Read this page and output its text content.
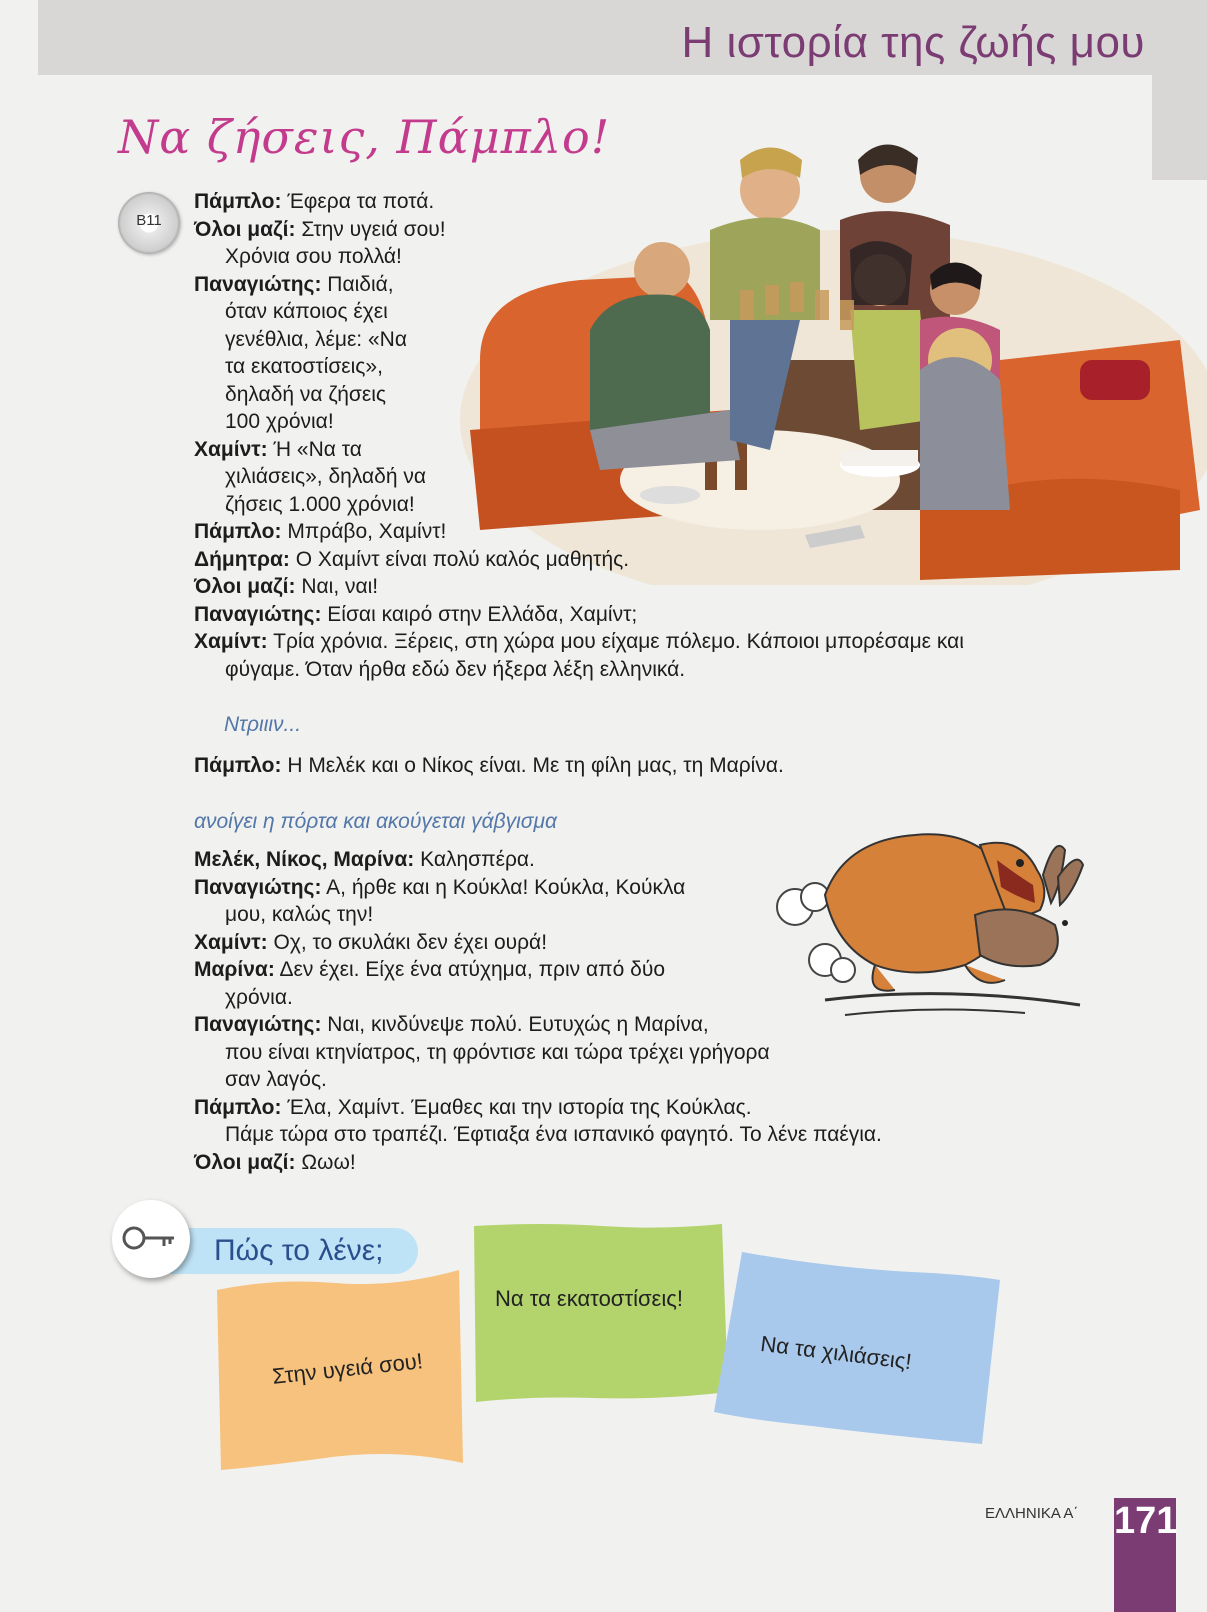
Η ιστορία της ζωής μου
Να ζήσεις, Πάμπλο!
B11
Πάμπλο: Έφερα τα ποτά.
Όλοι μαζί: Στην υγειά σου!
Χρόνια σου πολλά!
Παναγιώτης: Παιδιά,
όταν κάποιος έχει
γενέθλια, λέμε: «Να
τα εκατοστίσεις»,
δηλαδή να ζήσεις
100 χρόνια!
Χαμίντ: Ή «Να τα
χιλιάσεις», δηλαδή να
ζήσεις 1.000 χρόνια!
Πάμπλο: Μπράβο, Χαμίντ!
Δήμητρα: Ο Χαμίντ είναι πολύ καλός μαθητής.
Όλοι μαζί: Ναι, ναι!
Παναγιώτης: Είσαι καιρό στην Ελλάδα, Χαμίντ;
Χαμίντ: Τρία χρόνια. Ξέρεις, στη χώρα μου είχαμε πόλεμο. Κάποιοι μπορέσαμε και
φύγαμε. Όταν ήρθα εδώ δεν ήξερα λέξη ελληνικά.
Ντριιιν...
Πάμπλο: Η Μελέκ και ο Νίκος είναι. Με τη φίλη μας, τη Μαρίνα.
ανοίγει η πόρτα και ακούγεται γάβγισμα
Μελέκ, Νίκος, Μαρίνα: Καλησπέρα.
Παναγιώτης: Α, ήρθε και η Κούκλα! Κούκλα, Κούκλα
μου, καλώς την!
Χαμίντ: Οχ, το σκυλάκι δεν έχει ουρά!
Μαρίνα: Δεν έχει. Είχε ένα ατύχημα, πριν από δύο
χρόνια.
Παναγιώτης: Ναι, κινδύνεψε πολύ. Ευτυχώς η Μαρίνα,
που είναι κτηνίατρος, τη φρόντισε και τώρα τρέχει γρήγορα
σαν λαγός.
Πάμπλο: Έλα, Χαμίντ. Έμαθες και την ιστορία της Κούκλας.
Πάμε τώρα στο τραπέζι. Έφτιαξα ένα ισπανικό φαγητό. Το λένε παέγια.
Όλοι μαζί: Ωωω!
Πώς το λένε;
Στην υγειά σου!
Να τα εκατοστίσεις!
Να τα χιλιάσεις!
ΕΛΛΗΝΙΚΑ Α΄ 171
